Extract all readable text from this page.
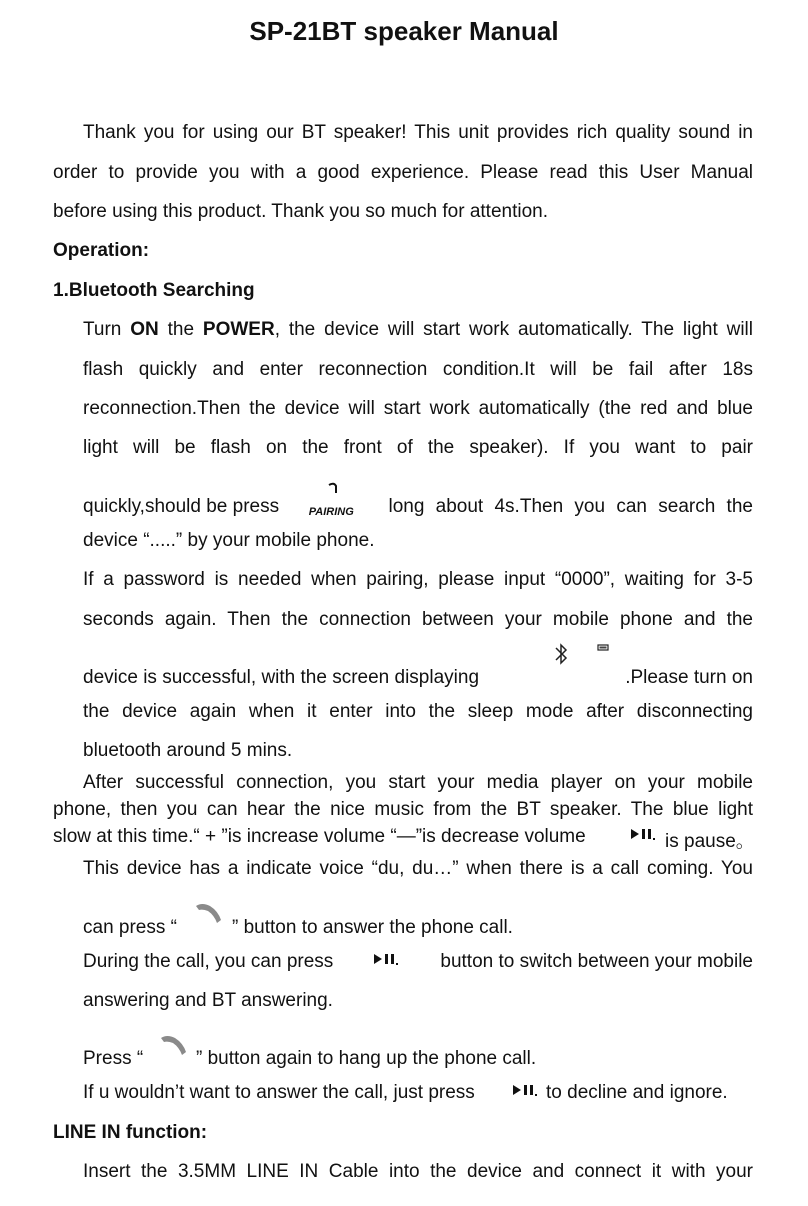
SP-21BT speaker Manual

Thank you for using our BT speaker! This unit provides rich quality sound in

order to provide you with a good experience. Please read this User Manual

before using this product. Thank you so much for attention.

Operation:

1.Bluetooth Searching

Turn ON the POWER, the device will start work automatically. The light will

flash quickly and enter reconnection condition.It will be fail after 18s

reconnection.Then the device will start work automatically (the red and blue

light will be flash on the front of the speaker). If you want to pair

quickly,should be press	PAIRING long about 4s.Then you can search the

device “.....” by your mobile phone.

If a password is needed when pairing, please input “0000”, waiting for 3-5

seconds again. Then the connection between your mobile phone and the

device is successful, with the screen displaying	.Please turn on

the device again when it enter into the sleep mode after disconnecting

bluetooth around 5 mins.

After successful connection, you start your media player on your mobile

phone, then you can hear the nice music from the BT speaker. The blue light

slow at this time.“ + ”is increase volume “—”is decrease volume	is pause。

This device has a indicate voice “du, du…” when there is a call coming. You

can press “	” button to answer the phone call.

During the call, you can press	button to switch between your mobile

answering and BT answering.

Press “	” button again to hang up the phone call.

If u wouldn’t want to answer the call, just press	to decline and ignore.

LINE IN function:

Insert the 3.5MM LINE IN Cable into the device and connect it with your
